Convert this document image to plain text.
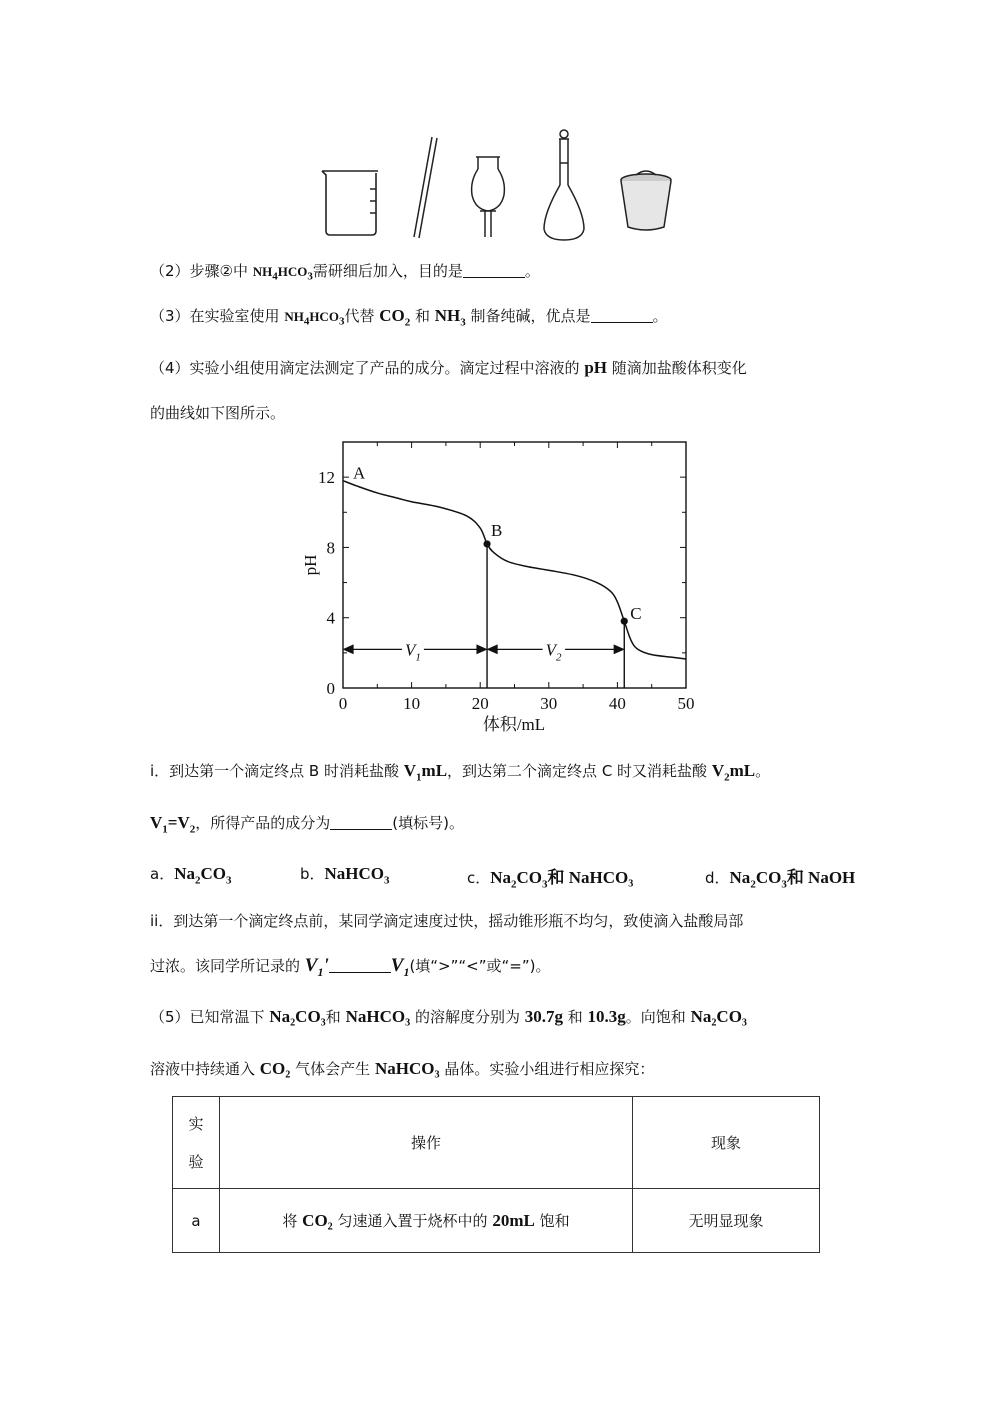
（2）步骤②中 $NH_4HCO_3$需研细后加入，目的是	。
（3）在实验室使用 $NH_4HCO_3$代替 $CO_2$ 和 $NH_3$ 制备纯碱，优点是	。
（4）实验小组使用滴定法测定了产品的成分。滴定过程中溶液的 pH 随滴加盐酸体积变化
的曲线如下图所示。
0	10	20	30	40	50
0
4
8
12 A
B
C
$V_1$	$V_2$
pH
体积/mL
i．到达第一个滴定终点 B 时消耗盐酸 $V_1mL$，到达第二个滴定终点 C 时又消耗盐酸 $V_2mL$。
$V_1=V_2$，所得产品的成分为	(填标号)。
a．$Na_2CO_3$	b．NaHCO$_3$	c．$Na_2CO_3$和 NaHCO₃	d．$Na_2CO_3$和 NaOH
ii．到达第一个滴定终点前，某同学滴定速度过快，摇动锥形瓶不均匀，致使滴入盐酸局部
过浓。该同学所记录的 $V_1'$	$V_1$(填“>”“<”或“=”)。
（5）已知常温下 Na₂CO₃和 NaHCO₃ 的溶解度分别为 30.7g 和 10.3g。向饱和 Na₂CO₃
溶液中持续通入 CO₂ 气体会产生 NaHCO₃ 晶体。实验小组进行相应探究：
实
验	操作	现象
a	将 CO₂ 匀速通入置于烧杯中的 20mL 饱和	无明显现象
